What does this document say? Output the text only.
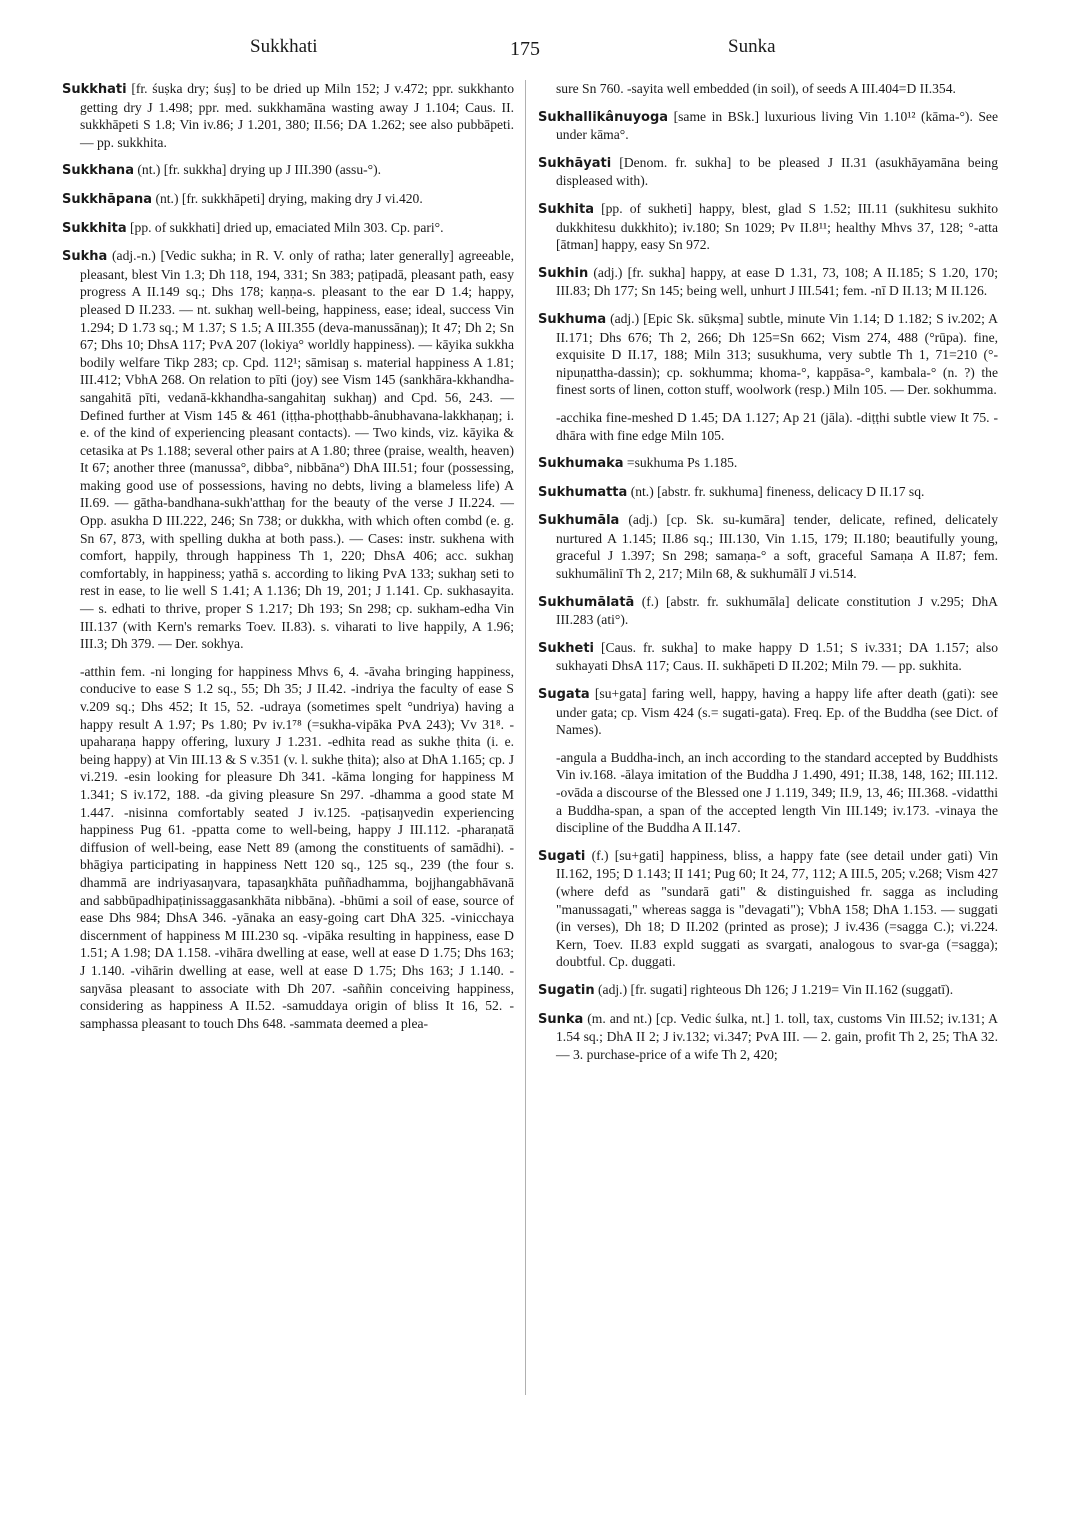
Sukkhati	175	Sunka

Sukkhati [fr. śuṣka dry; śuṣ] to be dried up Miln 152; J v.472; ppr. sukkhanto getting dry J 1.498; ppr. med. sukkhamāna wasting away J 1.104; Caus. II. sukkhāpeti S 1.8; Vin iv.86; J 1.201, 380; II.56; DA 1.262; see also pubbāpeti. — pp. sukkhita.

Sukkhana (nt.) [fr. sukkha] drying up J III.390 (assu-°).

Sukkhāpana (nt.) [fr. sukkhāpeti] drying, making dry J vi.420.

Sukkhita [pp. of sukkhati] dried up, emaciated Miln 303. Cp. pari°.

Sukha (adj.-n.) [Vedic sukha; in R. V. only of ratha; later generally] agreeable, pleasant, blest Vin 1.3; Dh 118, 194, 331; Sn 383; paṭipadā, pleasant path, easy progress A II.149 sq.; Dhs 178; kaṇṇa-s. pleasant to the ear D 1.4; happy, pleased D II.233. — nt. sukhaŋ well-being, happiness, ease; ideal, success Vin 1.294; D 1.73 sq.; M 1.37; S 1.5; A III.355 (deva-manussānaŋ); It 47; Dh 2; Sn 67; Dhs 10; DhsA 117; PvA 207 (lokiya° worldly happiness). — kāyika sukkha bodily welfare Tikp 283; cp. Cpd. 112¹; sāmisaŋ s. material happiness A 1.81; III.412; VbhA 268. On relation to pīti (joy) see Vism 145 (sankhāra-kkhandha-sangahitā pīti, vedanā-kkhandha-sangahitaŋ sukhaŋ) and Cpd. 56, 243. — Defined further at Vism 145 & 461 (iṭṭha-phoṭṭhabb-ânubhavana-lakkhaṇaŋ; i. e. of the kind of experiencing pleasant contacts). — Two kinds, viz. kāyika & cetasika at Ps 1.188; several other pairs at A 1.80; three (praise, wealth, heaven) It 67; another three (manussa°, dibba°, nibbāna°) DhA III.51; four (possessing, making good use of possessions, having no debts, living a blameless life) A II.69. — gātha-bandhana-sukh'atthaŋ for the beauty of the verse J II.224. — Opp. asukha D III.222, 246; Sn 738; or dukkha, with which often combd (e. g. Sn 67, 873, with spelling dukha at both pass.). — Cases: instr. sukhena with comfort, happily, through happiness Th 1, 220; DhsA 406; acc. sukhaŋ comfortably, in happiness; yathā s. according to liking PvA 133; sukhaŋ seti to rest in ease, to lie well S 1.41; A 1.136; Dh 19, 201; J 1.141. Cp. sukhasayita. — s. edhati to thrive, proper S 1.217; Dh 193; Sn 298; cp. sukham-edha Vin III.137 (with Kern's remarks Toev. II.83). s. viharati to live happily, A 1.96; III.3; Dh 379. — Der. sokhya.

-atthin fem. -ni longing for happiness Mhvs 6, 4. -āvaha bringing happiness, conducive to ease S 1.2 sq., 55; Dh 35; J II.42. -indriya the faculty of ease S v.209 sq.; Dhs 452; It 15, 52. -udraya (sometimes spelt °undriya) having a happy result A 1.97; Ps 1.80; Pv iv.1⁷⁸ (=sukha-vipāka PvA 243); Vv 31⁸. -upaharaṇa happy offering, luxury J 1.231. -edhita read as sukhe ṭhita (i. e. being happy) at Vin III.13 & S v.351 (v. l. sukhe ṭhita); also at DhA 1.165; cp. J vi.219. -esin looking for pleasure Dh 341. -kāma longing for happiness M 1.341; S iv.172, 188. -da giving pleasure Sn 297. -dhamma a good state M 1.447. -nisinna comfortably seated J iv.125. -paṭisaŋvedin experiencing happiness Pug 61. -ppatta come to well-being, happy J III.112. -pharaṇatā diffusion of well-being, ease Nett 89 (among the constituents of samādhi). -bhāgiya participating in happiness Nett 120 sq., 125 sq., 239 (the four s. dhammā are indriyasaŋvara, tapasaŋkhāta puññadhamma, bojjhangabhāvanā and sabbūpadhipaṭinissaggasankhāta nibbāna). -bhūmi a soil of ease, source of ease Dhs 984; DhsA 346. -yānaka an easy-going cart DhA 325. -vinicchaya discernment of happiness M III.230 sq. -vipāka resulting in happiness, ease D 1.51; A 1.98; DA 1.158. -vihāra dwelling at ease, well at ease D 1.75; Dhs 163; J 1.140. -vihārin dwelling at ease, well at ease D 1.75; Dhs 163; J 1.140. -saŋvāsa pleasant to associate with Dh 207. -saññin conceiving happiness, considering as happiness A II.52. -samuddaya origin of bliss It 16, 52. -samphassa pleasant to touch Dhs 648. -sammata deemed a plea-

sure Sn 760. -sayita well embedded (in soil), of seeds A III.404=D II.354.

Sukhallikânuyoga [same in BSk.] luxurious living Vin 1.10¹² (kāma-°). See under kāma°.

Sukhāyati [Denom. fr. sukha] to be pleased J II.31 (asukhāyamāna being displeased with).

Sukhita [pp. of sukheti] happy, blest, glad S 1.52; III.11 (sukhitesu sukhito dukkhitesu dukkhito); iv.180; Sn 1029; Pv II.8¹¹; healthy Mhvs 37, 128; °-atta [ātman] happy, easy Sn 972.

Sukhin (adj.) [fr. sukha] happy, at ease D 1.31, 73, 108; A II.185; S 1.20, 170; III.83; Dh 177; Sn 145; being well, unhurt J III.541; fem. -nī D II.13; M II.126.

Sukhuma (adj.) [Epic Sk. sūkṣma] subtle, minute Vin 1.14; D 1.182; S iv.202; A II.171; Dhs 676; Th 2, 266; Dh 125=Sn 662; Vism 274, 488 (°rūpa). fine, exquisite D II.17, 188; Miln 313; susukhuma, very subtle Th 1, 71=210 (°-nipuṇattha-dassin); cp. sokhumma; khoma-°, kappāsa-°, kambala-° (n. ?) the finest sorts of linen, cotton stuff, woolwork (resp.) Miln 105. — Der. sokhumma.

-acchika fine-meshed D 1.45; DA 1.127; Ap 21 (jāla). -diṭṭhi subtle view It 75. -dhāra with fine edge Miln 105.

Sukhumaka =sukhuma Ps 1.185.

Sukhumatta (nt.) [abstr. fr. sukhuma] fineness, delicacy D II.17 sq.

Sukhumāla (adj.) [cp. Sk. su-kumāra] tender, delicate, refined, delicately nurtured A 1.145; II.86 sq.; III.130, Vin 1.15, 179; II.180; beautifully young, graceful J 1.397; Sn 298; samaṇa-° a soft, graceful Samaṇa A II.87; fem. sukhumālinī Th 2, 217; Miln 68, & sukhumālī J vi.514.

Sukhumālatā (f.) [abstr. fr. sukhumāla] delicate constitution J v.295; DhA III.283 (ati°).

Sukheti [Caus. fr. sukha] to make happy D 1.51; S iv.331; DA 1.157; also sukhayati DhsA 117; Caus. II. sukhāpeti D II.202; Miln 79. — pp. sukhita.

Sugata [su+gata] faring well, happy, having a happy life after death (gati): see under gata; cp. Vism 424 (s.= sugati-gata). Freq. Ep. of the Buddha (see Dict. of Names).

-angula a Buddha-inch, an inch according to the standard accepted by Buddhists Vin iv.168. -ālaya imitation of the Buddha J 1.490, 491; II.38, 148, 162; III.112. -ovāda a discourse of the Blessed one J 1.119, 349; II.9, 13, 46; III.368. -vidatthi a Buddha-span, a span of the accepted length Vin III.149; iv.173. -vinaya the discipline of the Buddha A II.147.

Sugati (f.) [su+gati] happiness, bliss, a happy fate (see detail under gati) Vin II.162, 195; D 1.143; II 141; Pug 60; It 24, 77, 112; A III.5, 205; v.268; Vism 427 (where defd as "sundarā gati" & distinguished fr. sagga as including "manussagati," whereas sagga is "devagati"); VbhA 158; DhA 1.153. — suggati (in verses), Dh 18; D II.202 (printed as prose); J iv.436 (=sagga C.); vi.224. Kern, Toev. II.83 expld suggati as svargati, analogous to svar-ga (=sagga); doubtful. Cp. duggati.

Sugatin (adj.) [fr. sugati] righteous Dh 126; J 1.219= Vin II.162 (suggatī).

Sunka (m. and nt.) [cp. Vedic śulka, nt.] 1. toll, tax, customs Vin III.52; iv.131; A 1.54 sq.; DhA II 2; J iv.132; vi.347; PvA III. — 2. gain, profit Th 2, 25; ThA 32. — 3. purchase-price of a wife Th 2, 420;
